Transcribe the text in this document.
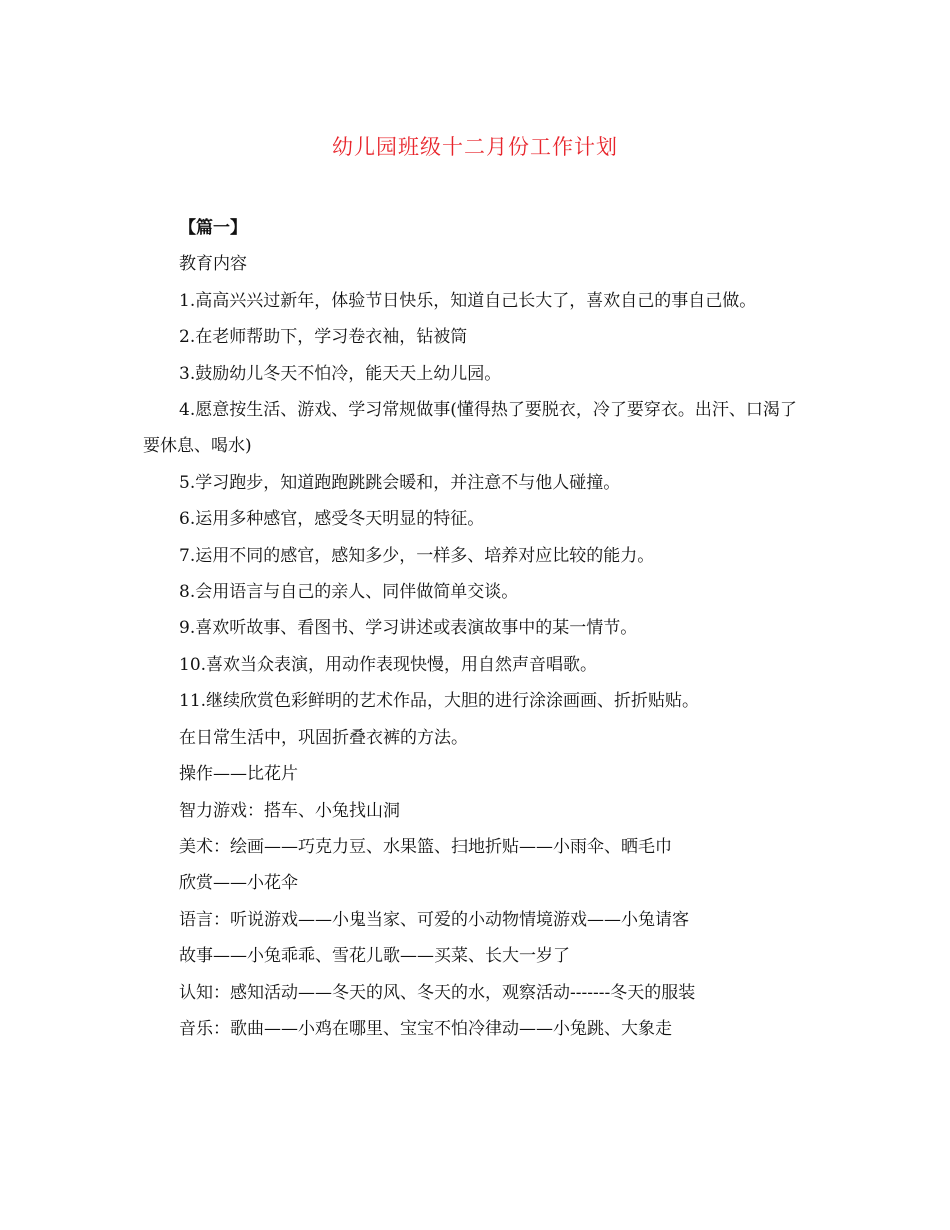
幼儿园班级十二月份工作计划

【篇一】

教育内容

1.高高兴兴过新年，体验节日快乐，知道自己长大了，喜欢自己的事自己做。

2.在老师帮助下，学习卷衣袖，钻被筒

3.鼓励幼儿冬天不怕冷，能天天上幼儿园。

4.愿意按生活、游戏、学习常规做事(懂得热了要脱衣，冷了要穿衣。出汗、口渴了要休息、喝水)

5.学习跑步，知道跑跑跳跳会暖和，并注意不与他人碰撞。

6.运用多种感官，感受冬天明显的特征。

7.运用不同的感官，感知多少，一样多、培养对应比较的能力。

8.会用语言与自己的亲人、同伴做简单交谈。

9.喜欢听故事、看图书、学习讲述或表演故事中的某一情节。

10.喜欢当众表演，用动作表现快慢，用自然声音唱歌。

11.继续欣赏色彩鲜明的艺术作品，大胆的进行涂涂画画、折折贴贴。

在日常生活中，巩固折叠衣裤的方法。

操作——比花片

智力游戏：搭车、小兔找山洞

美术：绘画——巧克力豆、水果篮、扫地折贴——小雨伞、晒毛巾

欣赏——小花伞

语言：听说游戏——小鬼当家、可爱的小动物情境游戏——小兔请客

故事——小兔乖乖、雪花儿歌——买菜、长大一岁了

认知：感知活动——冬天的风、冬天的水，观察活动-------冬天的服装

音乐：歌曲——小鸡在哪里、宝宝不怕冷律动——小兔跳、大象走
